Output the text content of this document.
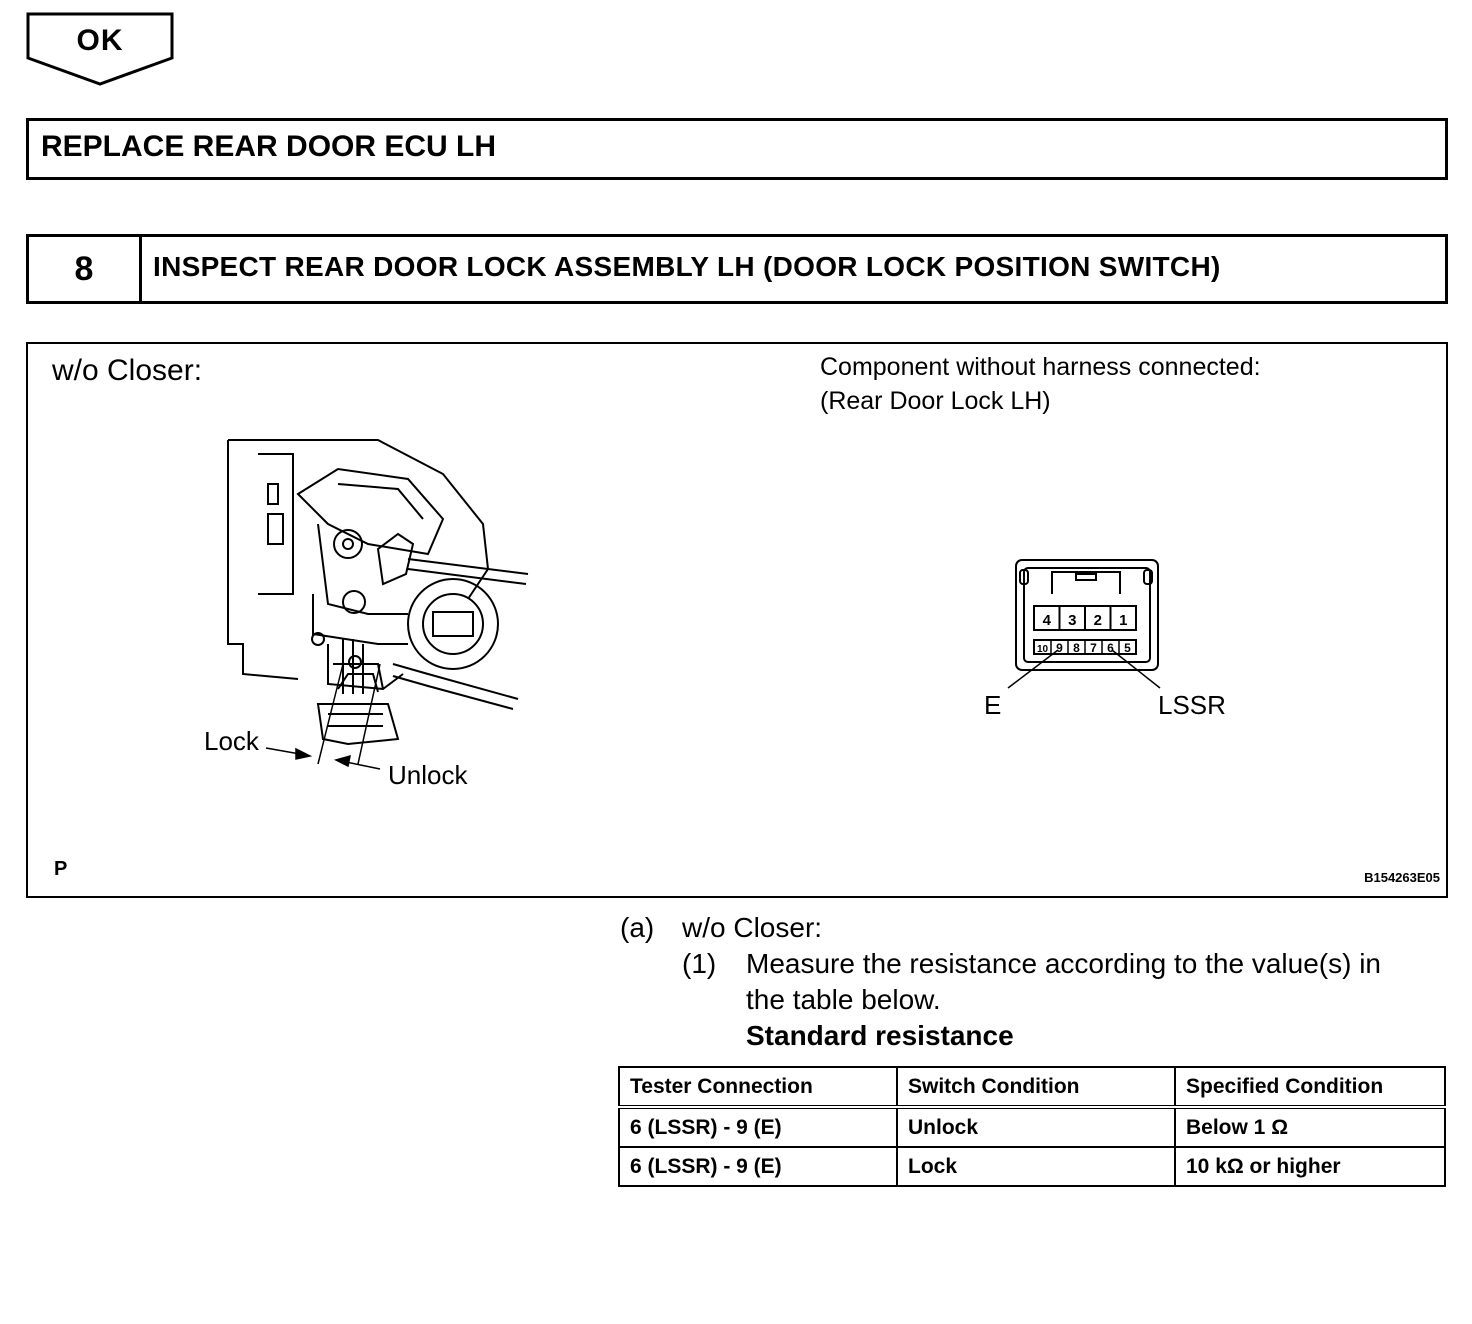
OK
REPLACE REAR DOOR ECU LH
8	INSPECT REAR DOOR LOCK ASSEMBLY LH (DOOR LOCK POSITION SWITCH)
w/o Closer:	Component without harness connected:
(Rear Door Lock LH)
4 3 2 1
10 9 8 7 6 5
Lock
Unlock
E	LSSR
P	B154263E05
(a) w/o Closer:
(1) Measure the resistance according to the value(s) in
the table below.
Standard resistance
Tester Connection	Switch Condition	Specified Condition
6 (LSSR) - 9 (E)	Unlock	Below 1 Ω
6 (LSSR) - 9 (E)	Lock	10 kΩ or higher
